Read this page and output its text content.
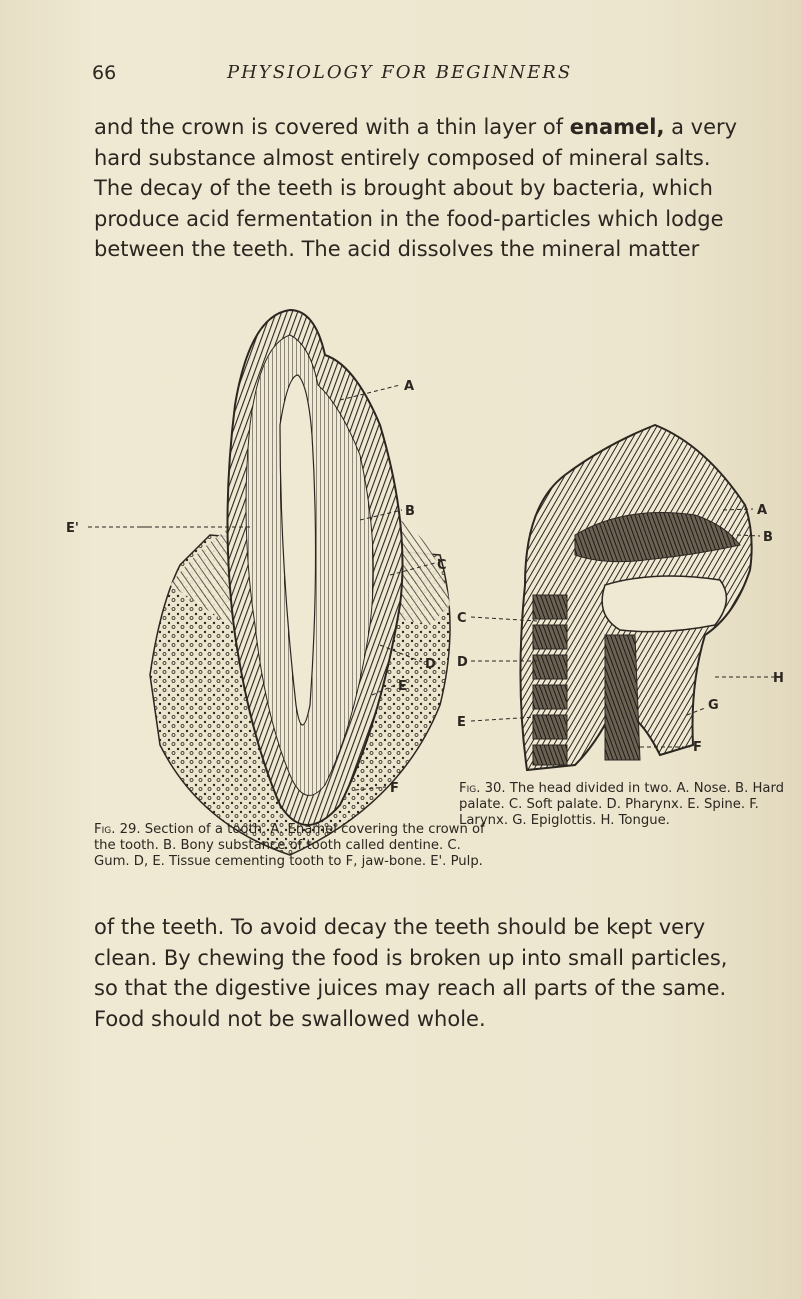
66	PHYSIOLOGY FOR BEGINNERS

and the crown is covered with a thin layer of enamel, a very hard substance almost entirely composed of mineral salts. The decay of the teeth is brought about by bacteria, which produce acid fermentation in the food-particles which lodge between the teeth. The acid dissolves the mineral matter

A
B
C
D
E
F
E'
A
B
C
D
E
H
G
F

Fig. 30. The head divided in two. A. Nose. B. Hard palate. C. Soft palate. D. Pharynx. E. Spine. F. Larynx. G. Epiglottis. H. Tongue.

Fig. 29. Section of a tooth. A. Enamel covering the crown of the tooth. B. Bony substance of tooth called dentine. C. Gum. D, E. Tissue cementing tooth to F, jaw-bone. E'. Pulp.

of the teeth. To avoid decay the teeth should be kept very clean. By chewing the food is broken up into small particles, so that the digestive juices may reach all parts of the same. Food should not be swallowed whole.
